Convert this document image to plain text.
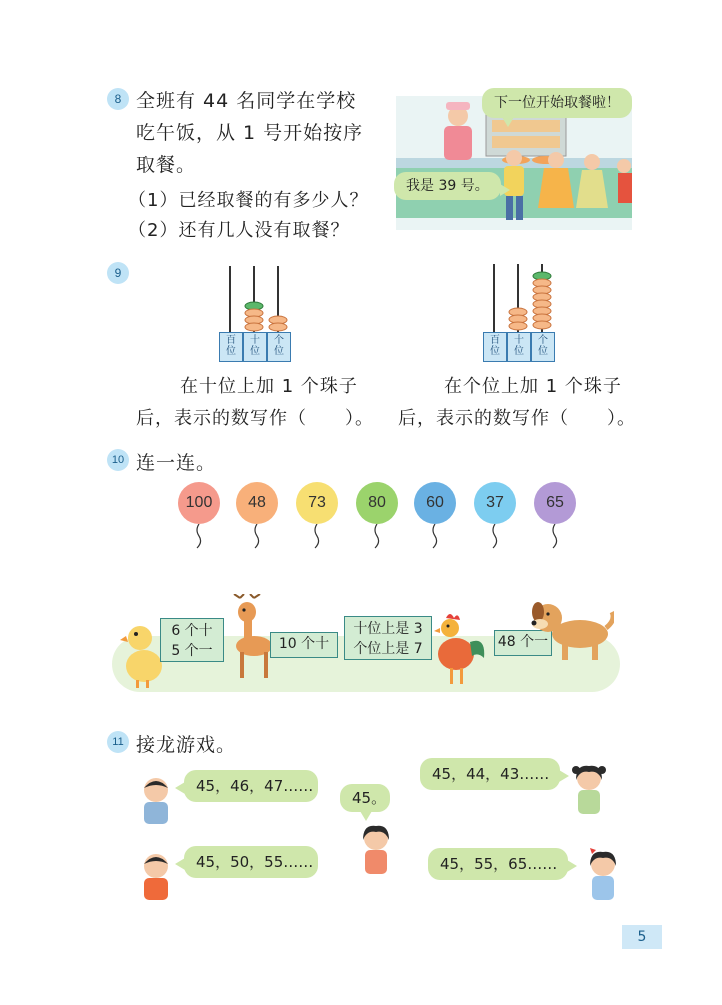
8 全班有 44 名同学在学校
吃午饭，从 1 号开始按序
取餐。
（1）已经取餐的有多少人？
（2）还有几人没有取餐？
下一位开始取餐啦！
我是 39 号。
9
百
位
十
位
个
位
百
位
十
位
个
位
在十位上加 1 个珠子
后，表示的数写作（　　）。
在个位上加 1 个珠子
后，表示的数写作（　　）。
10 连一连。
100	48	73	80	60	37	65
6 个十
5 个一	10 个十
十位上是 3
个位上是 7	48 个一
11 接龙游戏。
45，46，47……
45，50，55……
45。
45，44，43……
45，55，65……
5
